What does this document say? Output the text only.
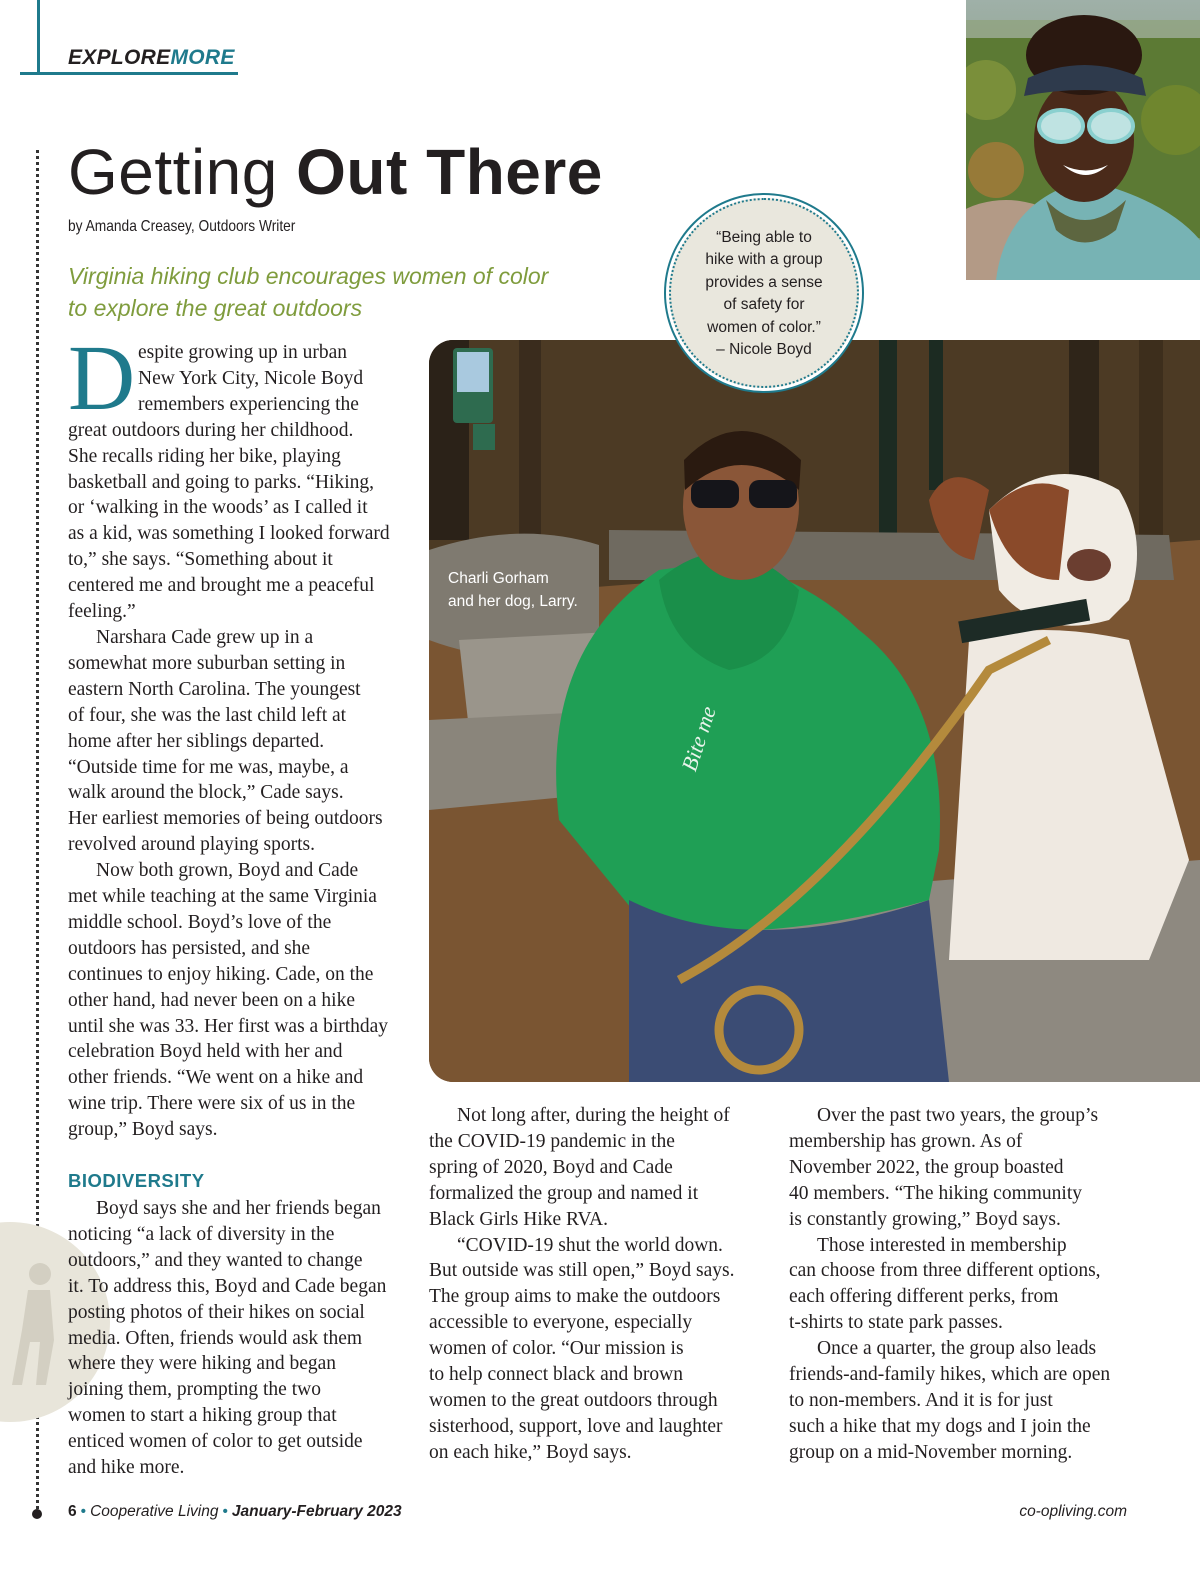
EXPLOREMORE
Getting Out There
by Amanda Creasey, Outdoors Writer
Virginia hiking club encourages women of color
to explore the great outdoors
Bite me
“Being able to
hike with a group
provides a sense
of safety for
women of color.”
– Nicole Boyd
Charli Gorham
and her dog, Larry.
D espite growing up in urban
New York City, Nicole Boyd
remembers experiencing the
great outdoors during her childhood.
She recalls riding her bike, playing
basketball and going to parks. “Hiking,
or ‘walking in the woods’ as I called it
as a kid, was something I looked forward
to,” she says. “Something about it
centered me and brought me a peaceful
feeling.”

Narshara Cade grew up in a
somewhat more suburban setting in
eastern North Carolina. The youngest
of four, she was the last child left at
home after her siblings departed.
“Outside time for me was, maybe, a
walk around the block,” Cade says.
Her earliest memories of being outdoors
revolved around playing sports.

Now both grown, Boyd and Cade
met while teaching at the same Virginia
middle school. Boyd’s love of the
outdoors has persisted, and she
continues to enjoy hiking. Cade, on the
other hand, had never been on a hike
until she was 33. Her first was a birthday
celebration Boyd held with her and
other friends. “We went on a hike and
wine trip. There were six of us in the
group,” Boyd says.

BIODIVERSITY

Boyd says she and her friends began
noticing “a lack of diversity in the
outdoors,” and they wanted to change
it. To address this, Boyd and Cade began
posting photos of their hikes on social
media. Often, friends would ask them
where they were hiking and began
joining them, prompting the two
women to start a hiking group that
enticed women of color to get outside
and hike more.

Not long after, during the height of
the COVID-19 pandemic in the
spring of 2020, Boyd and Cade
formalized the group and named it
Black Girls Hike RVA.

“COVID-19 shut the world down.
But outside was still open,” Boyd says.
The group aims to make the outdoors
accessible to everyone, especially
women of color. “Our mission is
to help connect black and brown
women to the great outdoors through
sisterhood, support, love and laughter
on each hike,” Boyd says.

Over the past two years, the group’s
membership has grown. As of
November 2022, the group boasted
40 members. “The hiking community
is constantly growing,” Boyd says.

Those interested in membership
can choose from three different options,
each offering different perks, from
t-shirts to state park passes.

Once a quarter, the group also leads
friends-and-family hikes, which are open
to non-members. And it is for just
such a hike that my dogs and I join the
group on a mid-November morning.

6 • Cooperative Living • January-February 2023	co-opliving.com
